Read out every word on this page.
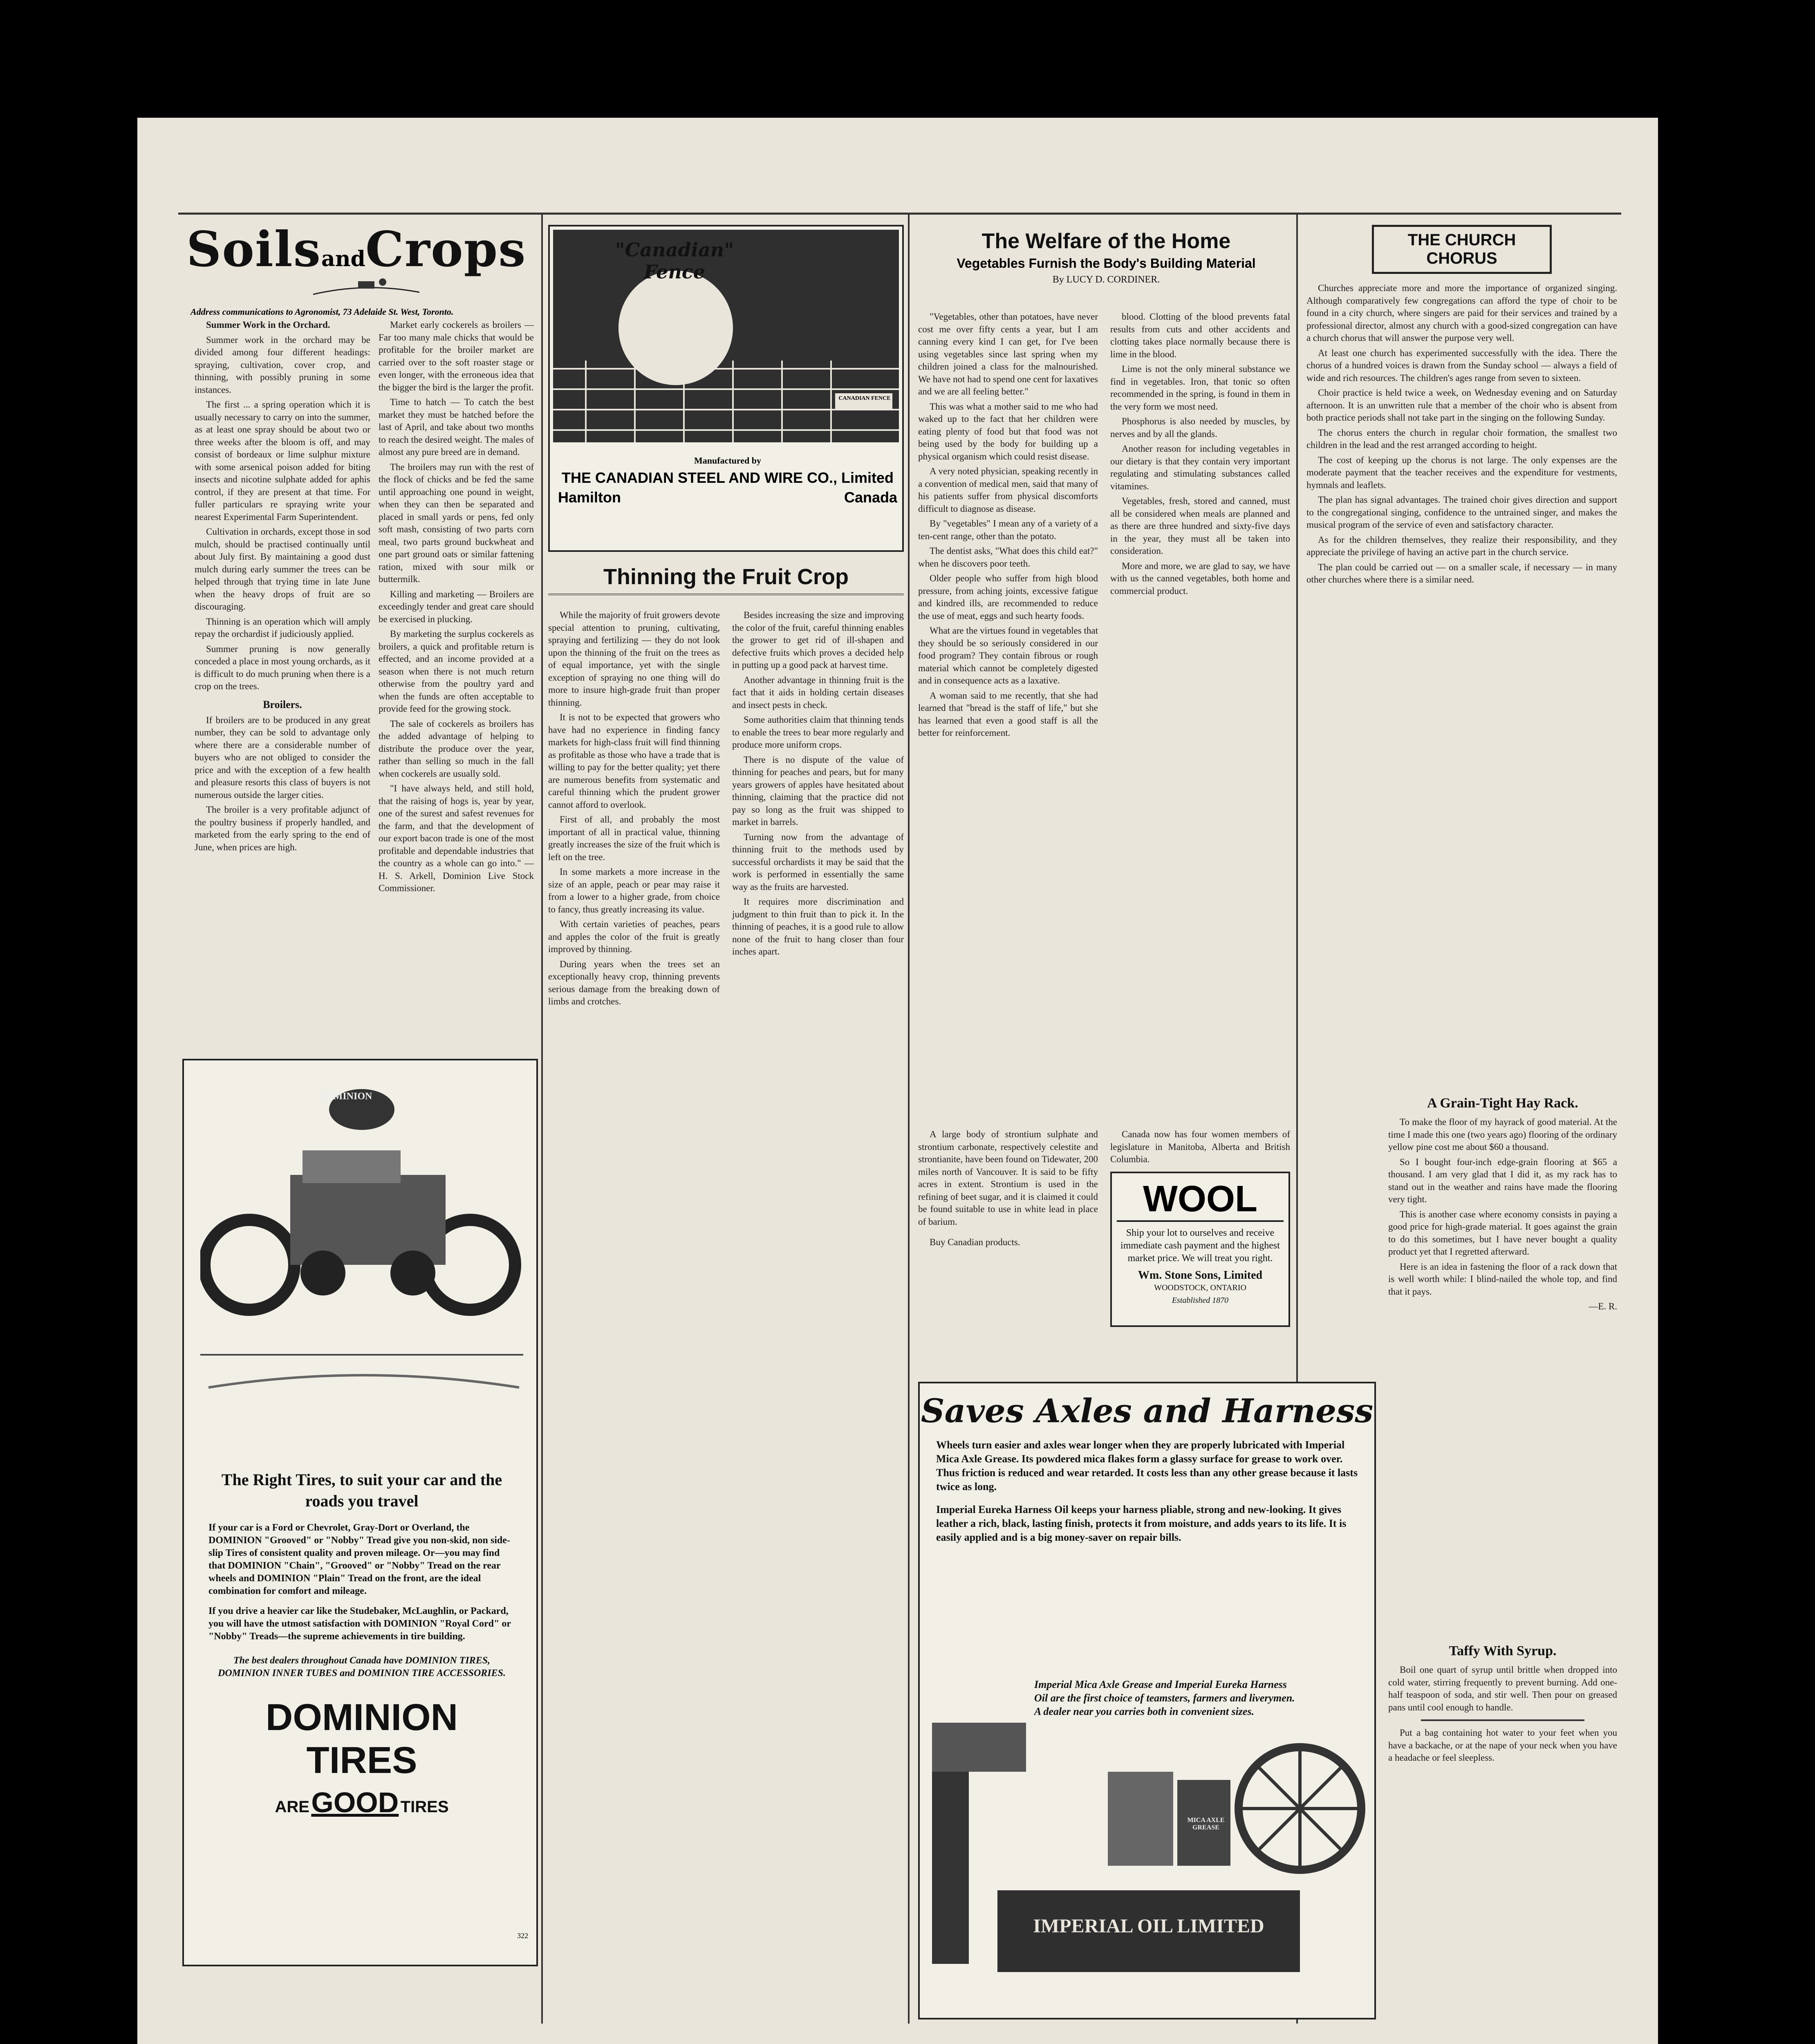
SoilsandCrops

Address communications to Agronomist, 73 Adelaide St. West, Toronto.

Summer Work in the Orchard.

Summer work in the orchard may be divided among four different headings: spraying, cultivation, cover crop, and thinning, with possibly pruning in some instances.

The first ... a spring operation which it is usually necessary to carry on into the summer, as at least one spray should be about two or three weeks after the bloom is off, and may consist of bordeaux or lime sulphur mixture with some arsenical poison added for biting insects and nicotine sulphate added for aphis control, if they are present at that time. For fuller particulars re spraying write your nearest Experimental Farm Superintendent.

Cultivation in orchards, except those in sod mulch, should be practised continually until about July first. By maintaining a good dust mulch during early summer the trees can be helped through that trying time in late June when the heavy drops of fruit are so discouraging.

Thinning is an operation which will amply repay the orchardist if judiciously applied.

Summer pruning is now generally conceded a place in most young orchards, as it is difficult to do much pruning when there is a crop on the trees.

Broilers.

If broilers are to be produced in any great number, they can be sold to advantage only where there are a considerable number of buyers who are not obliged to consider the price and with the exception of a few health and pleasure resorts this class of buyers is not numerous outside the larger cities.

The broiler is a very profitable adjunct of the poultry business if properly handled, and marketed from the early spring to the end of June, when prices are high.

Market early cockerels as broilers — Far too many male chicks that would be profitable for the broiler market are carried over to the soft roaster stage or even longer, with the erroneous idea that the bigger the bird is the larger the profit.

Time to hatch — To catch the best market they must be hatched before the last of April, and take about two months to reach the desired weight. The males of almost any pure breed are in demand.

The broilers may run with the rest of the flock of chicks and be fed the same until approaching one pound in weight, when they can then be separated and placed in small yards or pens, fed only soft mash, consisting of two parts corn meal, two parts ground buckwheat and one part ground oats or similar fattening ration, mixed with sour milk or buttermilk.

Killing and marketing — Broilers are exceedingly tender and great care should be exercised in plucking.

By marketing the surplus cockerels as broilers, a quick and profitable return is effected, and an income provided at a season when there is not much return otherwise from the poultry yard and when the funds are often acceptable to provide feed for the growing stock.

The sale of cockerels as broilers has the added advantage of helping to distribute the produce over the year, rather than selling so much in the fall when cockerels are usually sold.

"I have always held, and still hold, that the raising of hogs is, year by year, one of the surest and safest revenues for the farm, and that the development of our export bacon trade is one of the most profitable and dependable industries that the country as a whole can go into." — H. S. Arkell, Dominion Live Stock Commissioner.

DOMINION

The Right Tires, to suit your car and the roads you travel

If your car is a Ford or Chevrolet, Gray-Dort or Overland, the DOMINION "Grooved" or "Nobby" Tread give you non-skid, non side-slip Tires of consistent quality and proven mileage. Or—you may find that DOMINION "Chain", "Grooved" or "Nobby" Tread on the rear wheels and DOMINION "Plain" Tread on the front, are the ideal combination for comfort and mileage.

If you drive a heavier car like the Studebaker, McLaughlin, or Packard, you will have the utmost satisfaction with DOMINION "Royal Cord" or "Nobby" Treads—the supreme achievements in tire building.

The best dealers throughout Canada have DOMINION TIRES, DOMINION INNER TUBES and DOMINION TIRE ACCESSORIES.

DOMINION TIRES

ARE GOOD TIRES

322
"Canadian"
Fence
CANADIAN FENCE
Manufactured by
THE CANADIAN STEEL AND WIRE CO., Limited
Hamilton	Canada

Thinning the Fruit Crop

While the majority of fruit growers devote special attention to pruning, cultivating, spraying and fertilizing — they do not look upon the thinning of the fruit on the trees as of equal importance, yet with the single exception of spraying no one thing will do more to insure high-grade fruit than proper thinning.

It is not to be expected that growers who have had no experience in finding fancy markets for high-class fruit will find thinning as profitable as those who have a trade that is willing to pay for the better quality; yet there are numerous benefits from systematic and careful thinning which the prudent grower cannot afford to overlook.

First of all, and probably the most important of all in practical value, thinning greatly increases the size of the fruit which is left on the tree.

In some markets a more increase in the size of an apple, peach or pear may raise it from a lower to a higher grade, from choice to fancy, thus greatly increasing its value.

With certain varieties of peaches, pears and apples the color of the fruit is greatly improved by thinning.

During years when the trees set an exceptionally heavy crop, thinning prevents serious damage from the breaking down of limbs and crotches.

Besides increasing the size and improving the color of the fruit, careful thinning enables the grower to get rid of ill-shapen and defective fruits which proves a decided help in putting up a good pack at harvest time.

Another advantage in thinning fruit is the fact that it aids in holding certain diseases and insect pests in check.

Some authorities claim that thinning tends to enable the trees to bear more regularly and produce more uniform crops.

There is no dispute of the value of thinning for peaches and pears, but for many years growers of apples have hesitated about thinning, claiming that the practice did not pay so long as the fruit was shipped to market in barrels.

Turning now from the advantage of thinning fruit to the methods used by successful orchardists it may be said that the work is performed in essentially the same way as the fruits are harvested.

It requires more discrimination and judgment to thin fruit than to pick it. In the thinning of peaches, it is a good rule to allow none of the fruit to hang closer than four inches apart.

The Welfare of the Home

Vegetables Furnish the Body's Building Material

By LUCY D. CORDINER.

"Vegetables, other than potatoes, have never cost me over fifty cents a year, but I am canning every kind I can get, for I've been using vegetables since last spring when my children joined a class for the malnourished. We have not had to spend one cent for laxatives and we are all feeling better."

This was what a mother said to me who had waked up to the fact that her children were eating plenty of food but that food was not being used by the body for building up a physical organism which could resist disease.

A very noted physician, speaking recently in a convention of medical men, said that many of his patients suffer from physical discomforts difficult to diagnose as disease.

By "vegetables" I mean any of a variety of a ten-cent range, other than the potato.

The dentist asks, "What does this child eat?" when he discovers poor teeth.

Older people who suffer from high blood pressure, from aching joints, excessive fatigue and kindred ills, are recommended to reduce the use of meat, eggs and such hearty foods.

What are the virtues found in vegetables that they should be so seriously considered in our food program? They contain fibrous or rough material which cannot be completely digested and in consequence acts as a laxative.

A woman said to me recently, that she had learned that "bread is the staff of life," but she has learned that even a good staff is all the better for reinforcement.

blood. Clotting of the blood prevents fatal results from cuts and other accidents and clotting takes place normally because there is lime in the blood.

Lime is not the only mineral substance we find in vegetables. Iron, that tonic so often recommended in the spring, is found in them in the very form we most need.

Phosphorus is also needed by muscles, by nerves and by all the glands.

Another reason for including vegetables in our dietary is that they contain very important regulating and stimulating substances called vitamines.

Vegetables, fresh, stored and canned, must all be considered when meals are planned and as there are three hundred and sixty-five days in the year, they must all be taken into consideration.

More and more, we are glad to say, we have with us the canned vegetables, both home and commercial product.

A large body of strontium sulphate and strontium carbonate, respectively celestite and strontianite, have been found on Tidewater, 200 miles north of Vancouver. It is said to be fifty acres in extent. Strontium is used in the refining of beet sugar, and it is claimed it could be found suitable to use in white lead in place of barium.

Buy Canadian products.

Canada now has four women members of legislature in Manitoba, Alberta and British Columbia.

WOOL

Ship your lot to ourselves and receive immediate cash payment and the highest market price. We will treat you right.

Wm. Stone Sons, Limited

WOODSTOCK, ONTARIO

Established 1870

Saves Axles and Harness

Wheels turn easier and axles wear longer when they are properly lubricated with Imperial Mica Axle Grease. Its powdered mica flakes form a glassy surface for grease to work over. Thus friction is reduced and wear retarded. It costs less than any other grease because it lasts twice as long.

Imperial Eureka Harness Oil keeps your harness pliable, strong and new-looking. It gives leather a rich, black, lasting finish, protects it from moisture, and adds years to its life. It is easily applied and is a big money-saver on repair bills.

Imperial Mica Axle Grease and Imperial Eureka Harness Oil are the first choice of teamsters, farmers and liverymen. A dealer near you carries both in convenient sizes.

MICA AXLE GREASE
IMPERIAL OIL LIMITED

THE CHURCH CHORUS

Churches appreciate more and more the importance of organized singing. Although comparatively few congregations can afford the type of choir to be found in a city church, where singers are paid for their services and trained by a professional director, almost any church with a good-sized congregation can have a church chorus that will answer the purpose very well.

At least one church has experimented successfully with the idea. There the chorus of a hundred voices is drawn from the Sunday school — always a field of wide and rich resources. The children's ages range from seven to sixteen.

Choir practice is held twice a week, on Wednesday evening and on Saturday afternoon. It is an unwritten rule that a member of the choir who is absent from both practice periods shall not take part in the singing on the following Sunday.

The chorus enters the church in regular choir formation, the smallest two children in the lead and the rest arranged according to height.

The cost of keeping up the chorus is not large. The only expenses are the moderate payment that the teacher receives and the expenditure for vestments, hymnals and leaflets.

The plan has signal advantages. The trained choir gives direction and support to the congregational singing, confidence to the untrained singer, and makes the musical program of the service of even and satisfactory character.

As for the children themselves, they realize their responsibility, and they appreciate the privilege of having an active part in the church service.

The plan could be carried out — on a smaller scale, if necessary — in many other churches where there is a similar need.

A Grain-Tight Hay Rack.

To make the floor of my hayrack of good material. At the time I made this one (two years ago) flooring of the ordinary yellow pine cost me about $60 a thousand.

So I bought four-inch edge-grain flooring at $65 a thousand. I am very glad that I did it, as my rack has to stand out in the weather and rains have made the flooring very tight.

This is another case where economy consists in paying a good price for high-grade material. It goes against the grain to do this sometimes, but I have never bought a quality product yet that I regretted afterward.

Here is an idea in fastening the floor of a rack down that is well worth while: I blind-nailed the whole top, and find that it pays.

—E. R.

Taffy With Syrup.

Boil one quart of syrup until brittle when dropped into cold water, stirring frequently to prevent burning. Add one-half teaspoon of soda, and stir well. Then pour on greased pans until cool enough to handle.

Put a bag containing hot water to your feet when you have a backache, or at the nape of your neck when you have a headache or feel sleepless.
